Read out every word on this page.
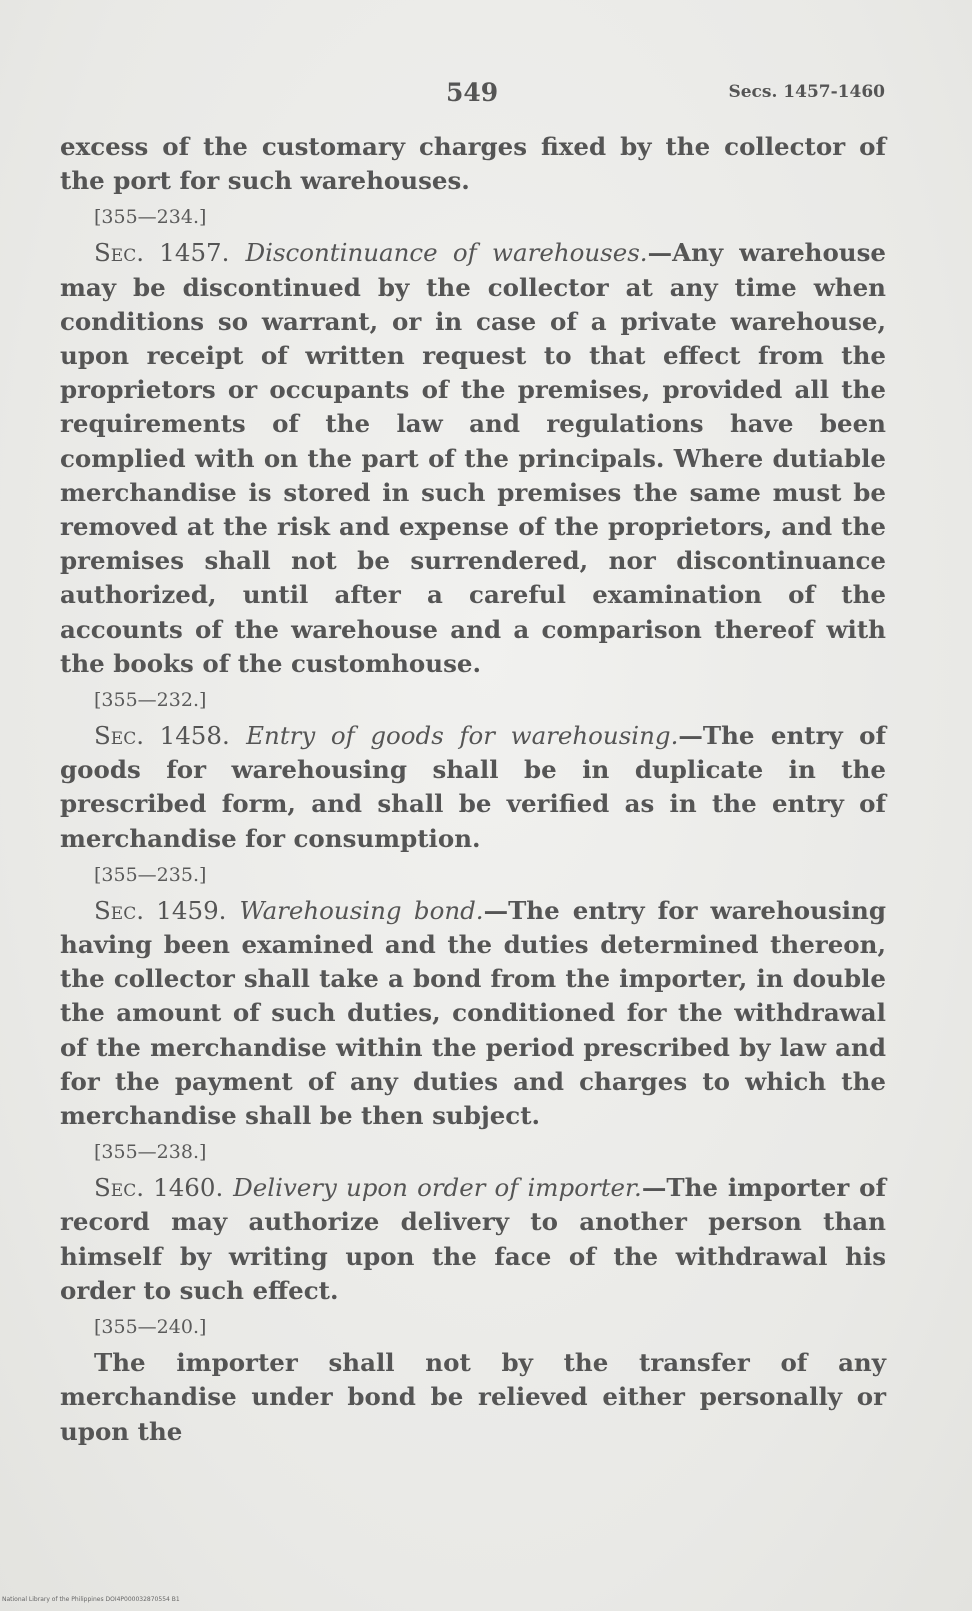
549	Secs. 1457-1460

excess of the customary charges fixed by the collector of the port for such warehouses.

[355—234.]

Sec. 1457. Discontinuance of warehouses.—Any warehouse may be discontinued by the collector at any time when conditions so warrant, or in case of a private warehouse, upon receipt of written request to that effect from the proprietors or occupants of the premises, provided all the requirements of the law and regulations have been complied with on the part of the principals. Where dutiable merchandise is stored in such premises the same must be removed at the risk and expense of the proprietors, and the premises shall not be surrendered, nor discontinuance authorized, until after a careful examination of the accounts of the warehouse and a comparison thereof with the books of the customhouse.

[355—232.]

Sec. 1458. Entry of goods for warehousing.—The entry of goods for warehousing shall be in duplicate in the prescribed form, and shall be verified as in the entry of merchandise for consumption.

[355—235.]

Sec. 1459. Warehousing bond.—The entry for warehousing having been examined and the duties determined thereon, the collector shall take a bond from the importer, in double the amount of such duties, conditioned for the withdrawal of the merchandise within the period prescribed by law and for the payment of any duties and charges to which the merchandise shall be then subject.

[355—238.]

Sec. 1460. Delivery upon order of importer.—The importer of record may authorize delivery to another person than himself by writing upon the face of the withdrawal his order to such effect.

[355—240.]

The importer shall not by the transfer of any merchandise under bond be relieved either personally or upon the

National Library of the Philippines DOI4P000032870554 B1
